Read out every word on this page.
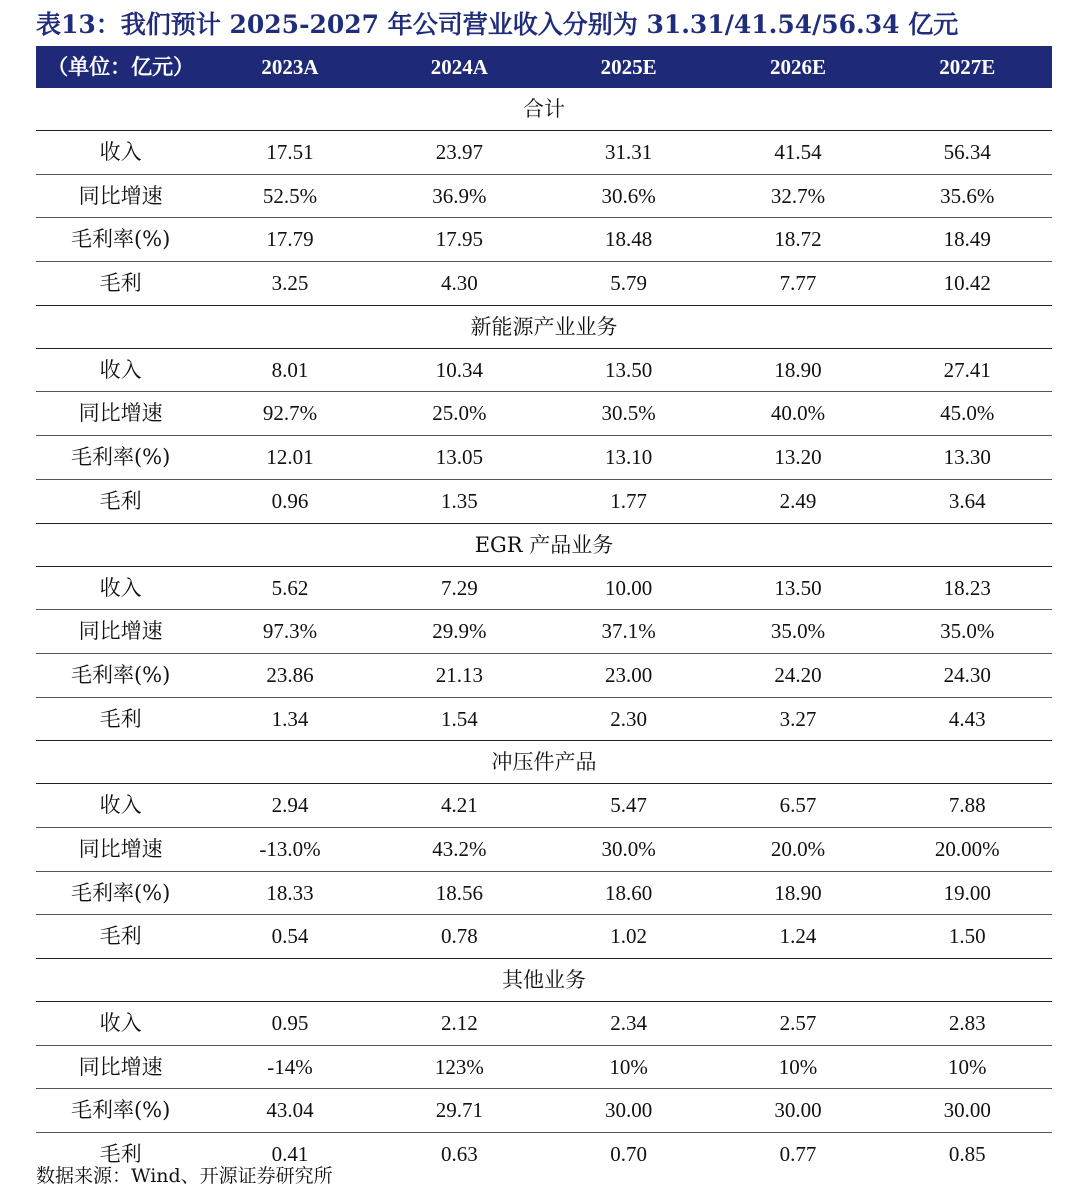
表13：我们预计 2025-2027 年公司营业收入分别为 31.31/41.54/56.34 亿元
（单位：亿元）	2023A	2024A	2025E	2026E	2027E
合计
收入	17.51	23.97	31.31	41.54	56.34
同比增速	52.5%	36.9%	30.6%	32.7%	35.6%
毛利率(%)	17.79	17.95	18.48	18.72	18.49
毛利	3.25	4.30	5.79	7.77	10.42
新能源产业业务
收入	8.01	10.34	13.50	18.90	27.41
同比增速	92.7%	25.0%	30.5%	40.0%	45.0%
毛利率(%)	12.01	13.05	13.10	13.20	13.30
毛利	0.96	1.35	1.77	2.49	3.64
EGR 产品业务
收入	5.62	7.29	10.00	13.50	18.23
同比增速	97.3%	29.9%	37.1%	35.0%	35.0%
毛利率(%)	23.86	21.13	23.00	24.20	24.30
毛利	1.34	1.54	2.30	3.27	4.43
冲压件产品
收入	2.94	4.21	5.47	6.57	7.88
同比增速	-13.0%	43.2%	30.0%	20.0%	20.00%
毛利率(%)	18.33	18.56	18.60	18.90	19.00
毛利	0.54	0.78	1.02	1.24	1.50
其他业务
收入	0.95	2.12	2.34	2.57	2.83
同比增速	-14%	123%	10%	10%	10%
毛利率(%)	43.04	29.71	30.00	30.00	30.00
毛利	0.41	0.63	0.70	0.77	0.85
数据来源：Wind、开源证券研究所
